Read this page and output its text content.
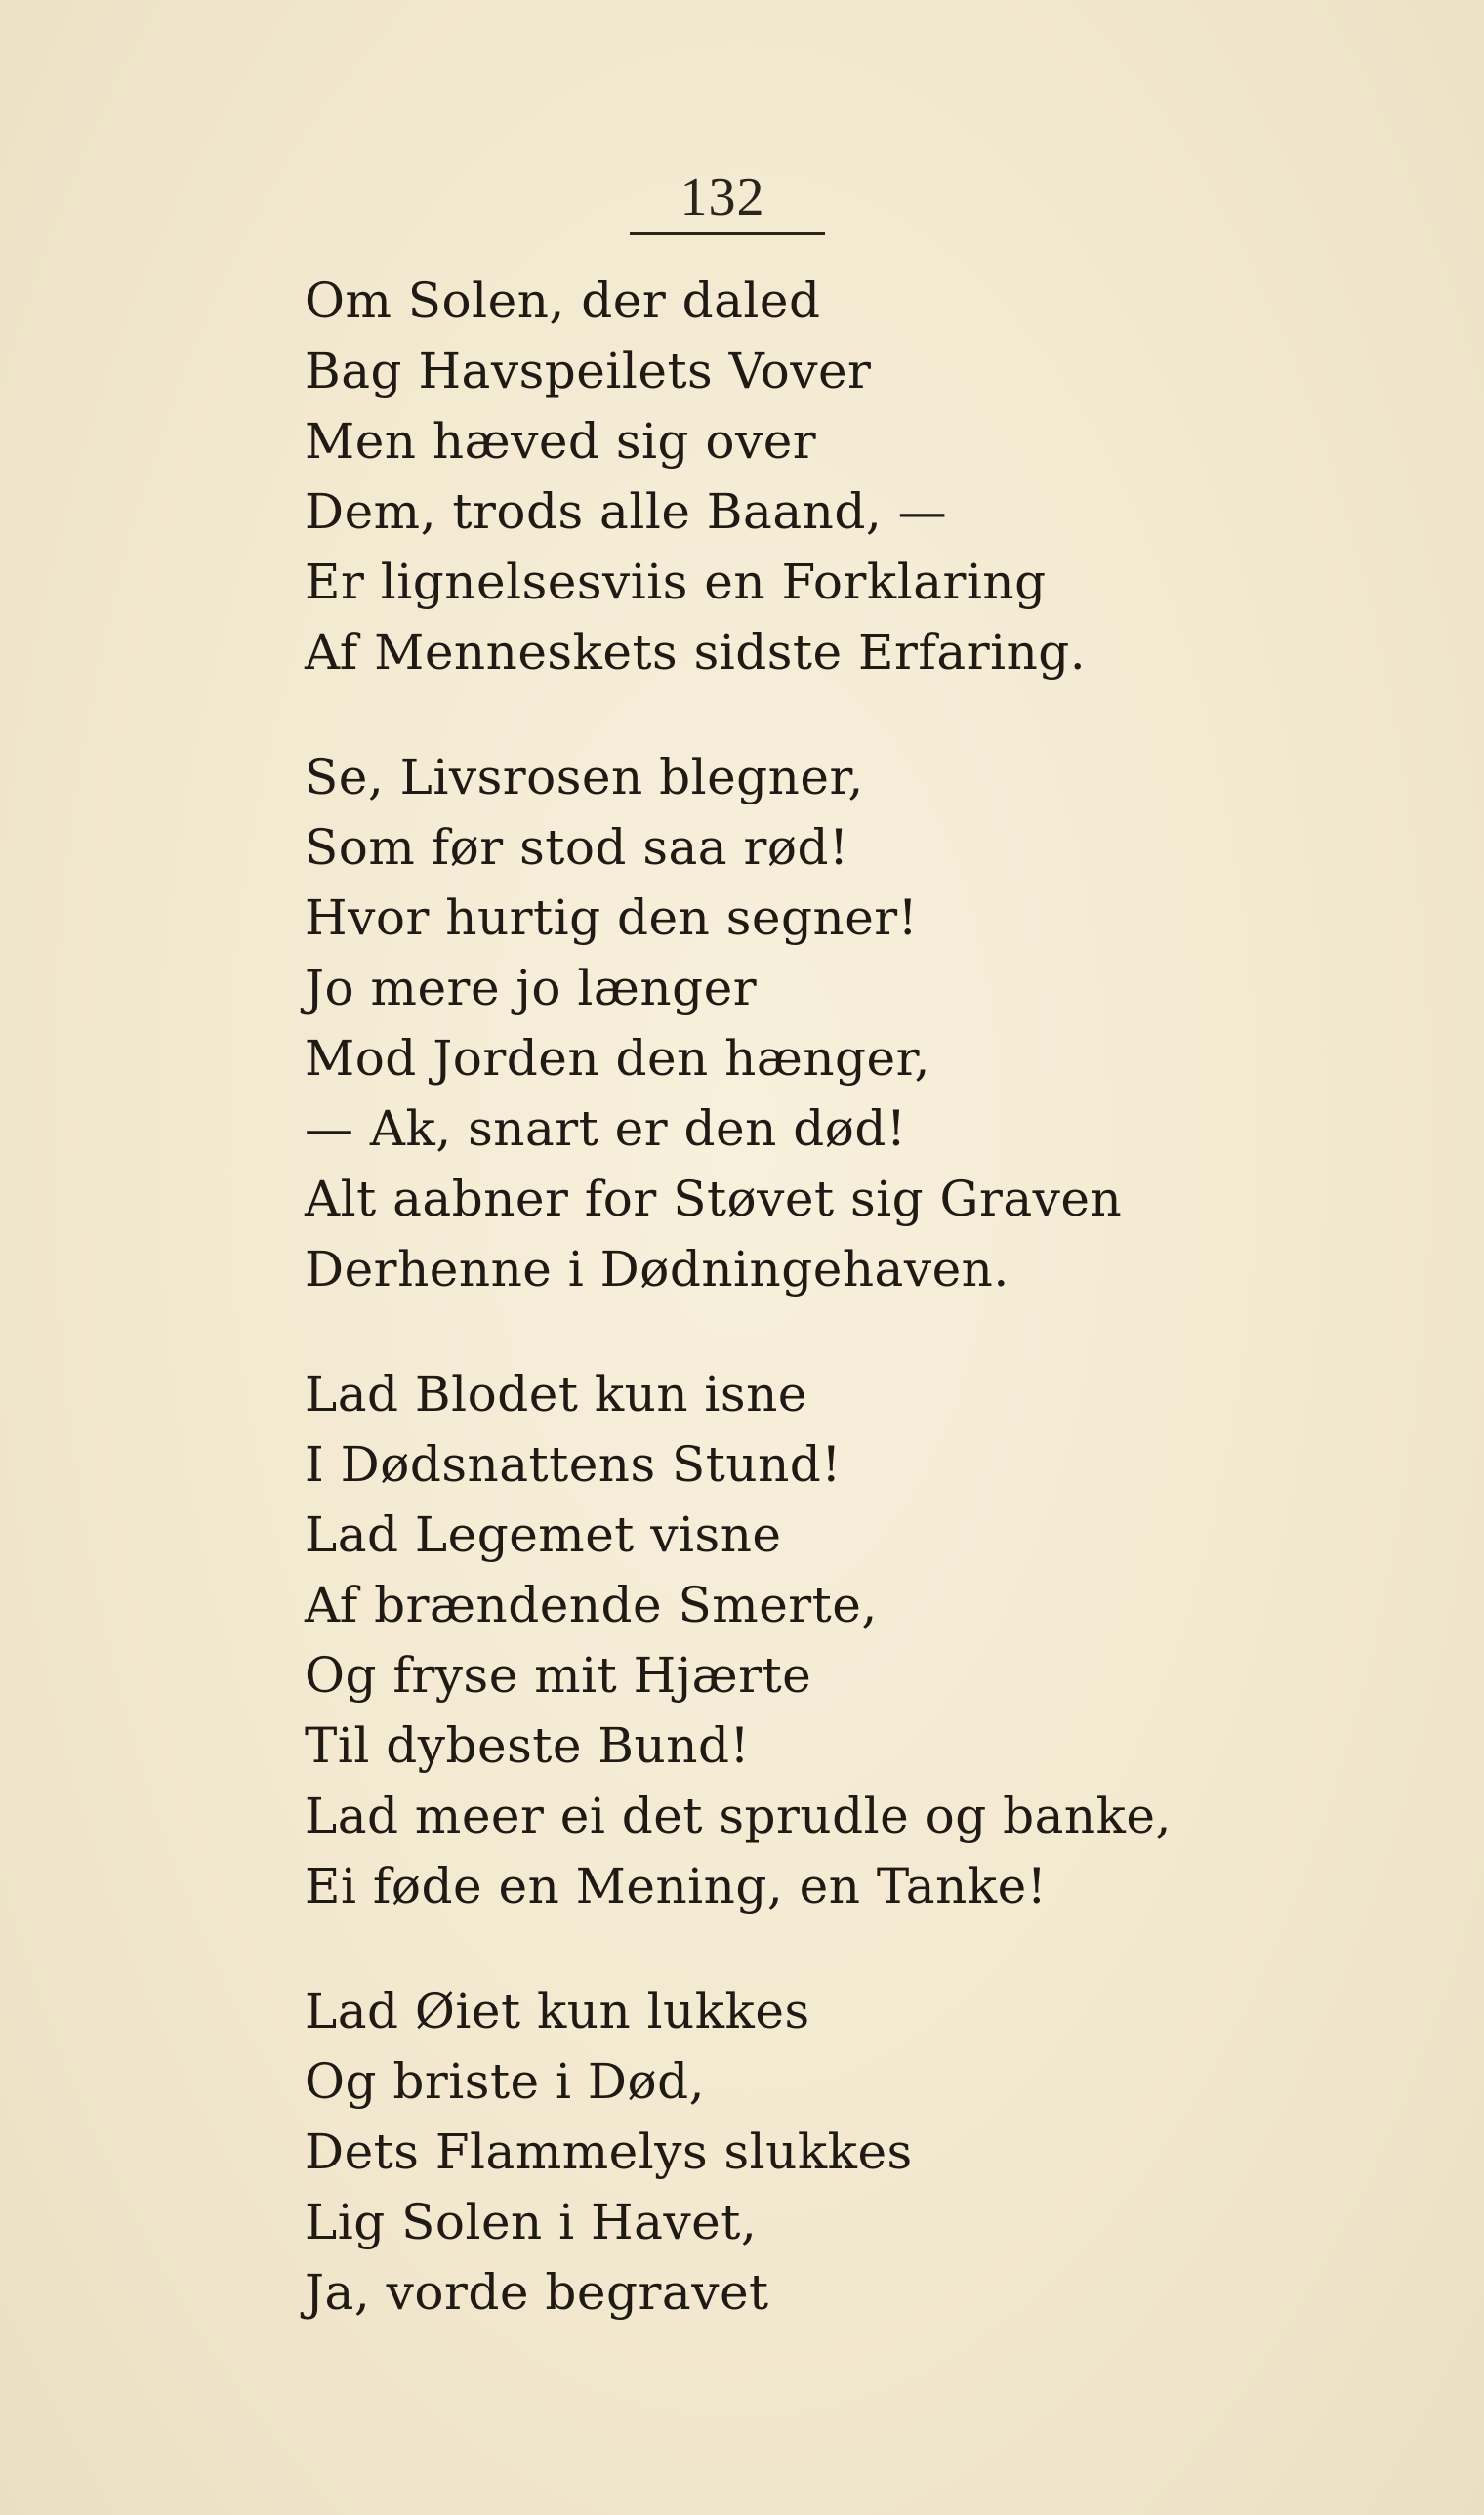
132
Om Solen, der daled
Bag Havspeilets Vover
Men hæved sig over
Dem, trods alle Baand, —
Er lignelsesviis en Forklaring
Af Menneskets sidste Erfaring.
Se, Livsrosen blegner,
Som før stod saa rød!
Hvor hurtig den segner!
Jo mere jo længer
Mod Jorden den hænger,
— Ak, snart er den død!
Alt aabner for Støvet sig Graven
Derhenne i Dødningehaven.
Lad Blodet kun isne
I Dødsnattens Stund!
Lad Legemet visne
Af brændende Smerte,
Og fryse mit Hjærte
Til dybeste Bund!
Lad meer ei det sprudle og banke,
Ei føde en Mening, en Tanke!
Lad Øiet kun lukkes
Og briste i Død,
Dets Flammelys slukkes
Lig Solen i Havet,
Ja, vorde begravet
